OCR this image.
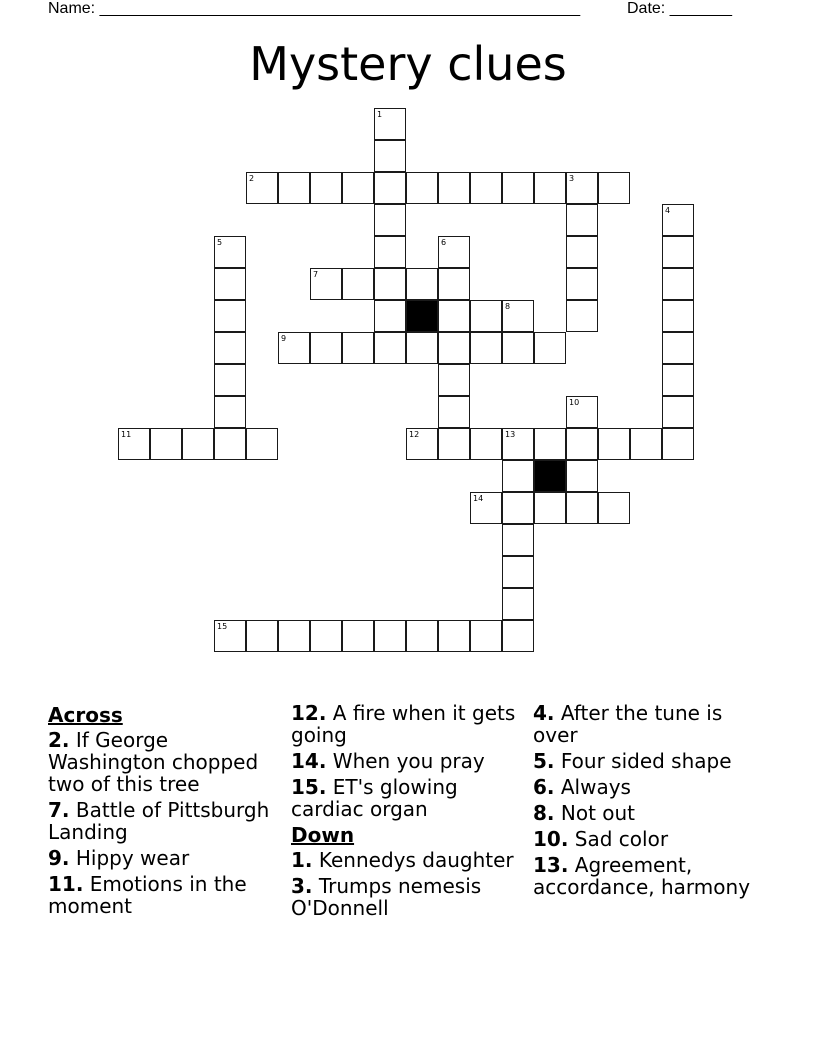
Name: ______________________________________________________	Date: _______
Mystery clues
1
2	3
4
5	6
7
8
9
10
11	12	13
14
15
Across
2. If George Washington chopped two of this tree
7. Battle of Pittsburgh Landing
9. Hippy wear
11. Emotions in the moment
12. A fire when it gets going
14. When you pray
15. ET's glowing cardiac organ
Down
1. Kennedys daughter
3. Trumps nemesis O'Donnell
4. After the tune is over
5. Four sided shape
6. Always
8. Not out
10. Sad color
13. Agreement, accordance, harmony
